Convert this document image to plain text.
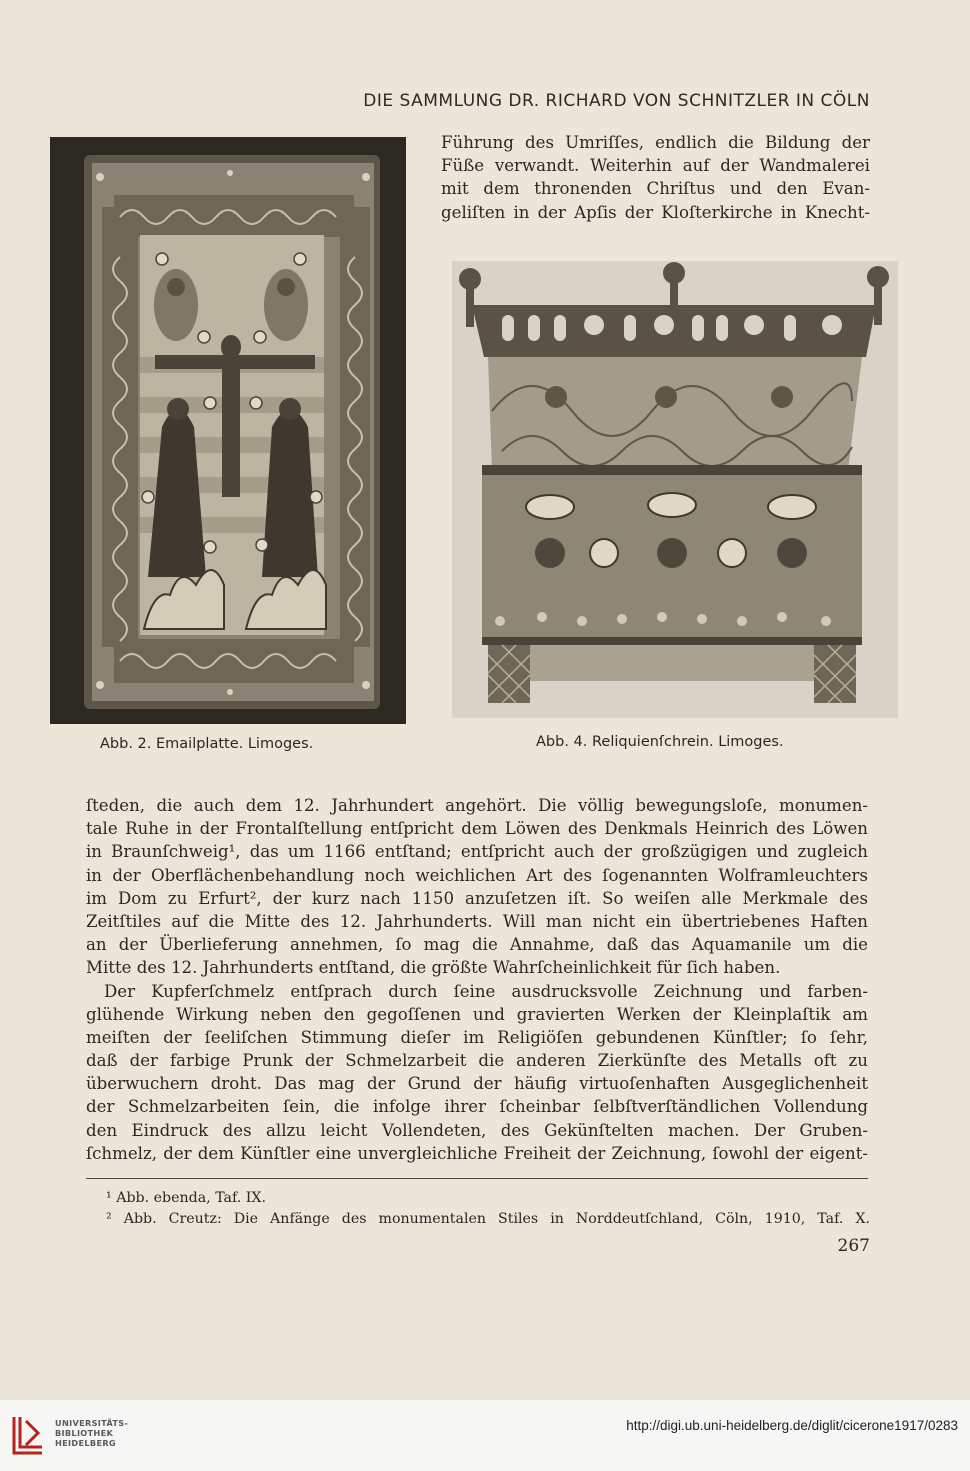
DIE SAMMLUNG DR. RICHARD VON SCHNITZLER IN CÖLN
Führung des Umriſſes, endlich die Bildung der
Füße verwandt. Weiterhin auf der Wandmalerei
mit dem thronenden Chriſtus und den Evan-
geliſten in der Apſis der Kloſterkirche in Knecht-
Abb. 2. Emailplatte. Limoges.	Abb. 4. Reliquienſchrein. Limoges.
ſteden, die auch dem 12. Jahrhundert angehört. Die völlig bewegungsloſe, monumen-
tale Ruhe in der Frontalſtellung entſpricht dem Löwen des Denkmals Heinrich des Löwen
in Braunſchweig¹, das um 1166 entſtand; entſpricht auch der großzügigen und zugleich
in der Oberflächenbehandlung noch weichlichen Art des ſogenannten Wolframleuchters
im Dom zu Erfurt², der kurz nach 1150 anzuſetzen iſt. So weiſen alle Merkmale des
Zeitſtiles auf die Mitte des 12. Jahrhunderts. Will man nicht ein übertriebenes Haften
an der Überlieferung annehmen, ſo mag die Annahme, daß das Aquamanile um die
Mitte des 12. Jahrhunderts entſtand, die größte Wahrſcheinlichkeit für ſich haben.
Der Kupferſchmelz entſprach durch ſeine ausdrucksvolle Zeichnung und farben-
glühende Wirkung neben den gegoſſenen und gravierten Werken der Kleinplaſtik am
meiſten der ſeeliſchen Stimmung dieſer im Religiöſen gebundenen Künſtler; ſo ſehr,
daß der farbige Prunk der Schmelzarbeit die anderen Zierkünſte des Metalls oft zu
überwuchern droht. Das mag der Grund der häufig virtuoſenhaften Ausgeglichenheit
der Schmelzarbeiten ſein, die infolge ihrer ſcheinbar ſelbſtverſtändlichen Vollendung
den Eindruck des allzu leicht Vollendeten, des Gekünſtelten machen. Der Gruben-
ſchmelz, der dem Künſtler eine unvergleichliche Freiheit der Zeichnung, ſowohl der eigent-
¹ Abb. ebenda, Taf. IX.
² Abb. Creutz: Die Anfänge des monumentalen Stiles in Norddeutſchland, Cöln, 1910, Taf. X.
267
UNIVERSITÄTS-
BIBLIOTHEK
HEIDELBERG
http://digi.ub.uni-heidelberg.de/diglit/cicerone1917/0283
